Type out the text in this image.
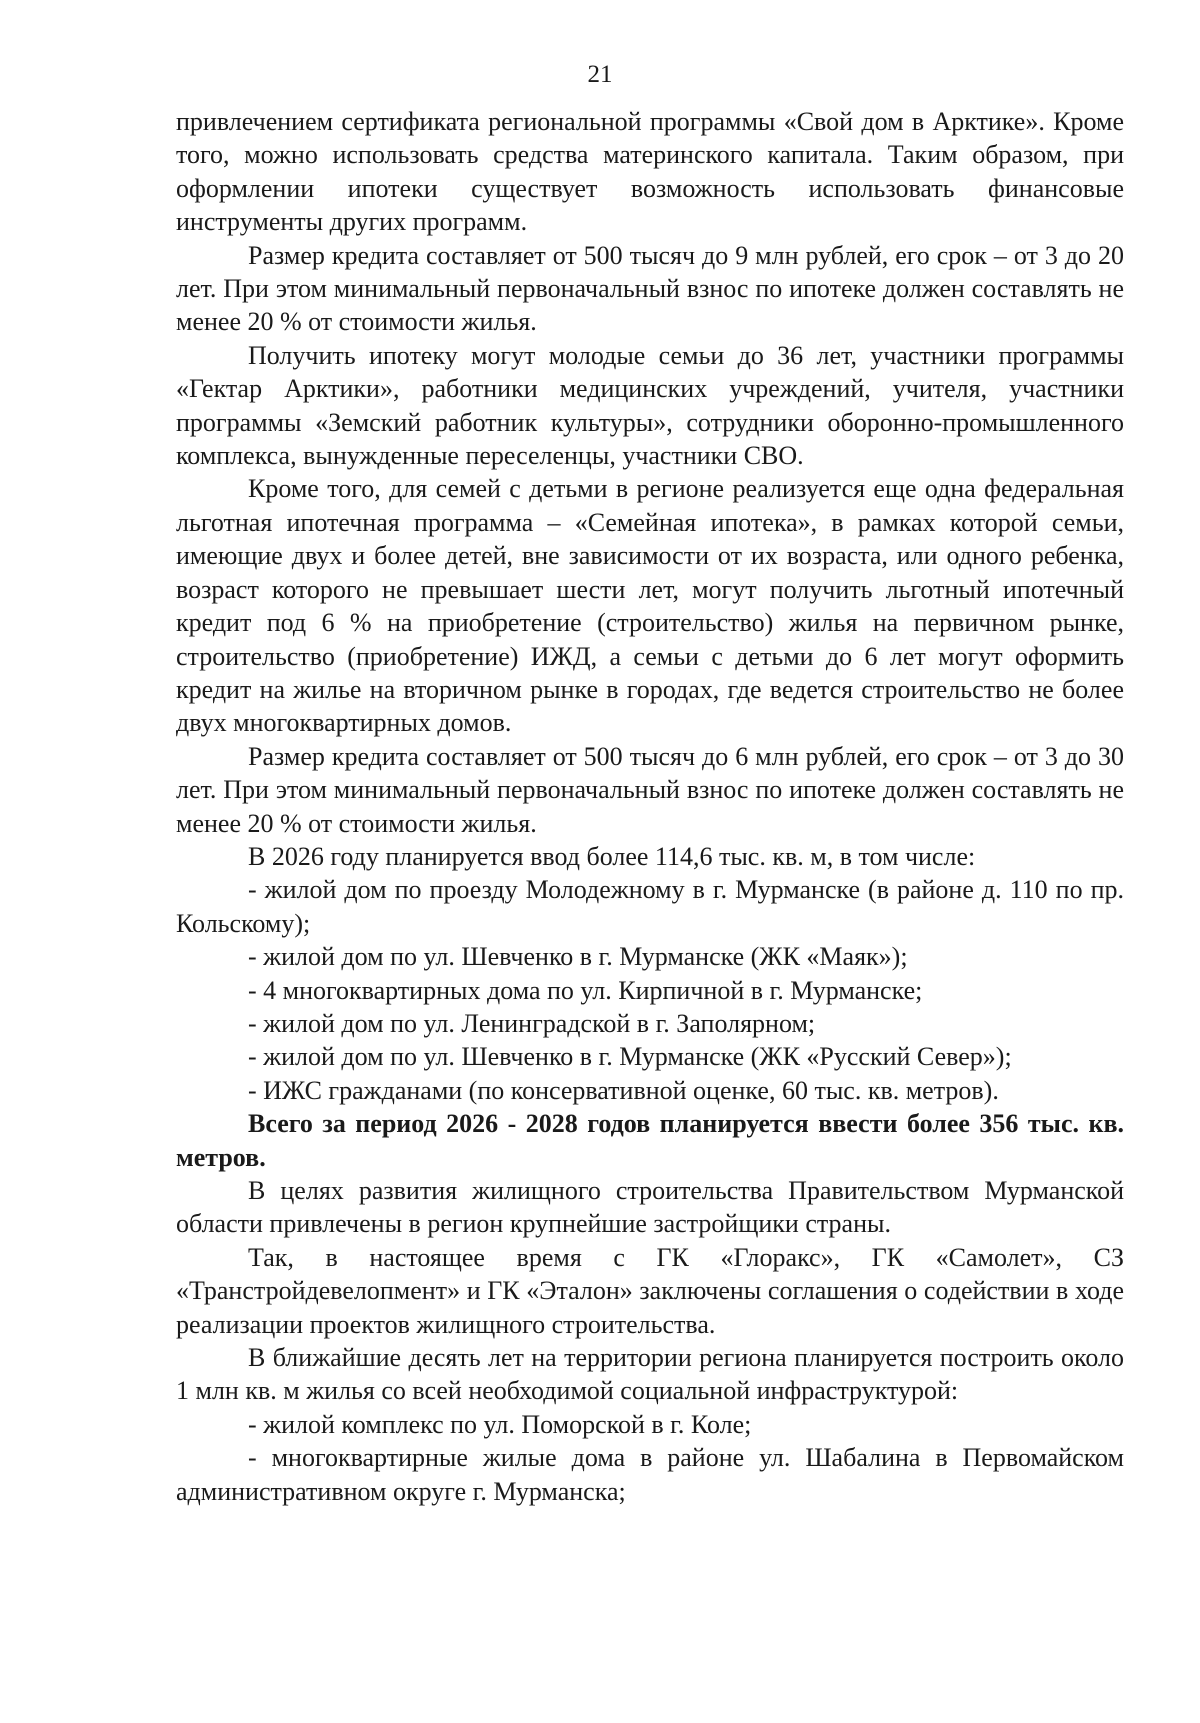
21

привлечением сертификата региональной программы «Свой дом в Арктике». Кроме того, можно использовать средства материнского капитала. Таким образом, при оформлении ипотеки существует возможность использовать финансовые инструменты других программ.

Размер кредита составляет от 500 тысяч до 9 млн рублей, его срок – от 3 до 20 лет. При этом минимальный первоначальный взнос по ипотеке должен составлять не менее 20 % от стоимости жилья.

Получить ипотеку могут молодые семьи до 36 лет, участники программы «Гектар Арктики», работники медицинских учреждений, учителя, участники программы «Земский работник культуры», сотрудники оборонно-промышленного комплекса, вынужденные переселенцы, участники СВО.

Кроме того, для семей с детьми в регионе реализуется еще одна федеральная льготная ипотечная программа – «Семейная ипотека», в рамках которой семьи, имеющие двух и более детей, вне зависимости от их возраста, или одного ребенка, возраст которого не превышает шести лет, могут получить льготный ипотечный кредит под 6 % на приобретение (строительство) жилья на первичном рынке, строительство (приобретение) ИЖД, а семьи с детьми до 6 лет могут оформить кредит на жилье на вторичном рынке в городах, где ведется строительство не более двух многоквартирных домов.

Размер кредита составляет от 500 тысяч до 6 млн рублей, его срок – от 3 до 30 лет. При этом минимальный первоначальный взнос по ипотеке должен составлять не менее 20 % от стоимости жилья.

В 2026 году планируется ввод более 114,6 тыс. кв. м, в том числе:

- жилой дом по проезду Молодежному в г. Мурманске (в районе д. 110 по пр. Кольскому);

- жилой дом по ул. Шевченко в г. Мурманске (ЖК «Маяк»);

- 4 многоквартирных дома по ул. Кирпичной в г. Мурманске;

- жилой дом по ул. Ленинградской в г. Заполярном;

- жилой дом по ул. Шевченко в г. Мурманске (ЖК «Русский Север»);

- ИЖС гражданами (по консервативной оценке, 60 тыс. кв. метров).

Всего за период 2026 - 2028 годов планируется ввести более 356 тыс. кв. метров.

В целях развития жилищного строительства Правительством Мурманской области привлечены в регион крупнейшие застройщики страны.

Так, в настоящее время с ГК «Глоракс», ГК «Самолет», СЗ «Транстройдевелопмент» и ГК «Эталон» заключены соглашения о содействии в ходе реализации проектов жилищного строительства.

В ближайшие десять лет на территории региона планируется построить около 1 млн кв. м жилья со всей необходимой социальной инфраструктурой:

- жилой комплекс по ул. Поморской в г. Коле;

- многоквартирные жилые дома в районе ул. Шабалина в Первомайском административном округе г. Мурманска;
